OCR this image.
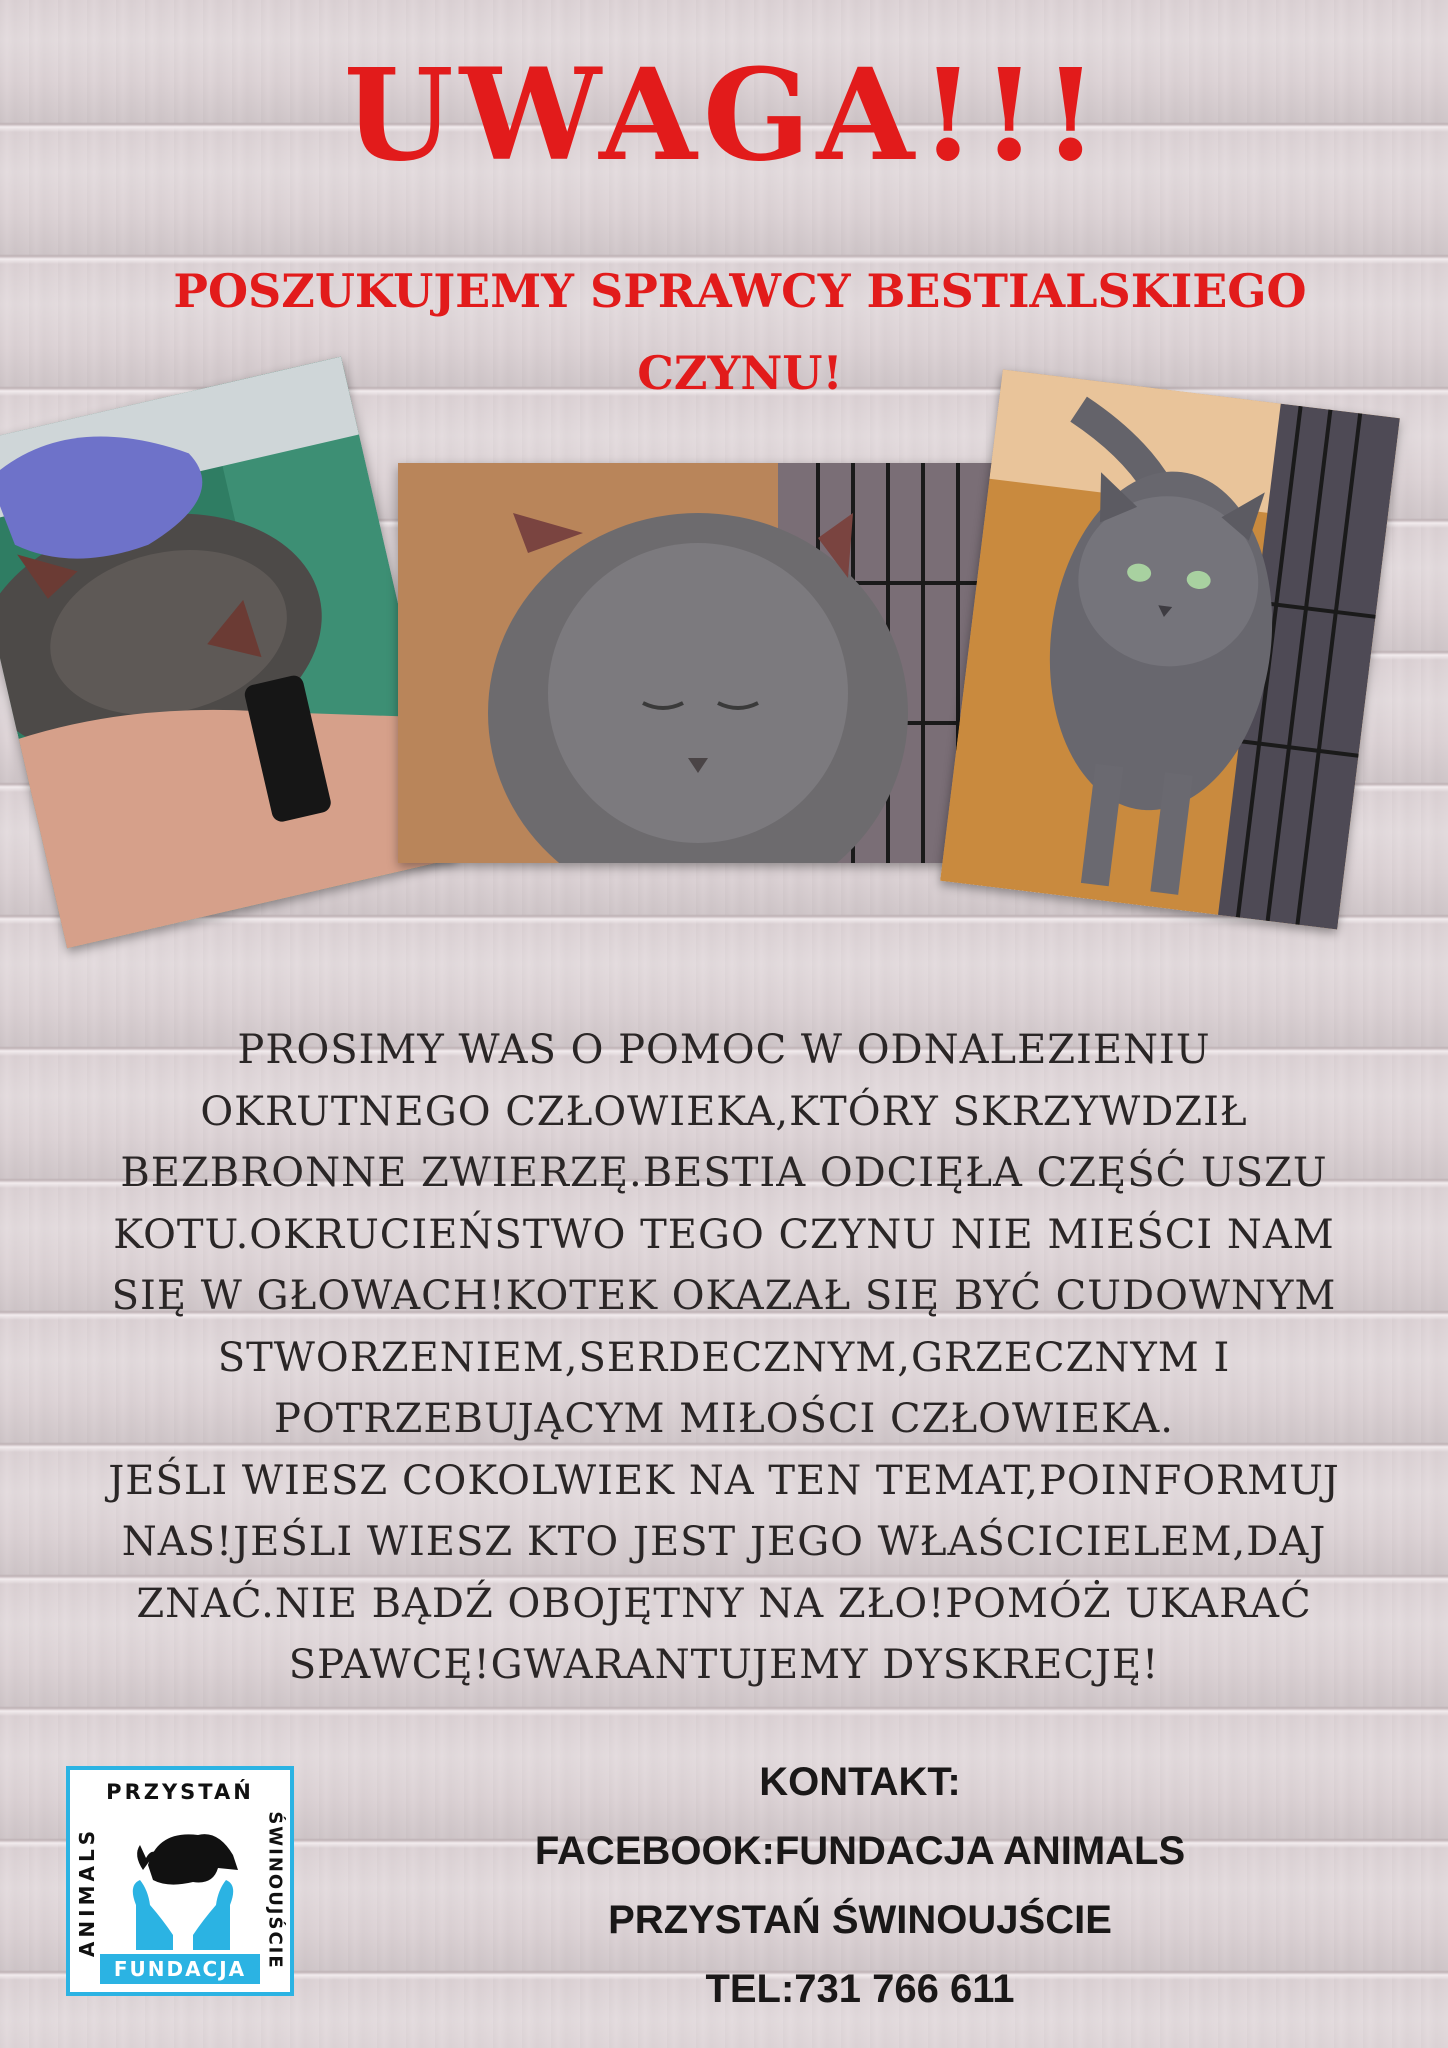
UWAGA!!!
POSZUKUJEMY SPRAWCY BESTIALSKIEGO
CZYNU!
PROSIMY WAS O POMOC W ODNALEZIENIU
OKRUTNEGO CZŁOWIEKA,KTÓRY SKRZYWDZIŁ
BEZBRONNE ZWIERZĘ.BESTIA ODCIĘŁA CZĘŚĆ USZU
KOTU.OKRUCIEŃSTWO TEGO CZYNU NIE MIEŚCI NAM
SIĘ W GŁOWACH!KOTEK OKAZAŁ SIĘ BYĆ CUDOWNYM
STWORZENIEM,SERDECZNYM,GRZECZNYM I
POTRZEBUJĄCYM MIŁOŚCI CZŁOWIEKA.
JEŚLI WIESZ COKOLWIEK NA TEN TEMAT,POINFORMUJ
NAS!JEŚLI WIESZ KTO JEST JEGO WŁAŚCICIELEM,DAJ
ZNAĆ.NIE BĄDŹ OBOJĘTNY NA ZŁO!POMÓŻ UKARAĆ
SPAWCĘ!GWARANTUJEMY DYSKRECJĘ!
PRZYSTAŃ
ANIMALS	ŚWINOUJŚCIE
FUNDACJA
KONTAKT:
FACEBOOK:FUNDACJA ANIMALS
PRZYSTAŃ ŚWINOUJŚCIE
TEL:731 766 611
